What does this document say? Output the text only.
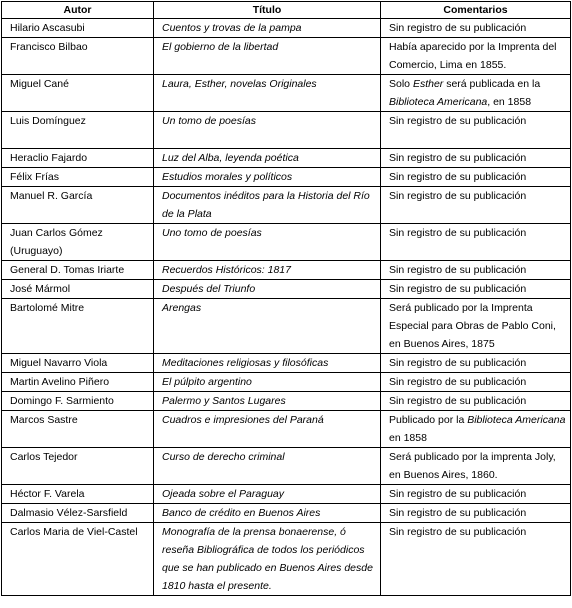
Autor	Título	Comentarios
Hilario Ascasubi	Cuentos y trovas de la pampa	Sin registro de su publicación
Francisco Bilbao	El gobierno de la libertad	Había aparecido por la Imprenta del Comercio, Lima en 1855.
Miguel Cané	Laura, Esther, novelas Originales	Solo Esther será publicada en la Biblioteca Americana, en 1858
Luis Domínguez	Un tomo de poesías	Sin registro de su publicación
Heraclio Fajardo	Luz del Alba, leyenda poética	Sin registro de su publicación
Félix Frías	Estudios morales y políticos	Sin registro de su publicación
Manuel R. García	Documentos inéditos para la Historia del Río de la Plata	Sin registro de su publicación
Juan Carlos Gómez (Uruguayo)	Uno tomo de poesías	Sin registro de su publicación
General D. Tomas Iriarte	Recuerdos Históricos: 1817	Sin registro de su publicación
José Mármol	Después del Triunfo	Sin registro de su publicación
Bartolomé Mitre	Arengas	Será publicado por la Imprenta Especial para Obras de Pablo Coni, en Buenos Aires, 1875
Miguel Navarro Viola	Meditaciones religiosas y filosóficas	Sin registro de su publicación
Martin Avelino Piñero	El púlpito argentino	Sin registro de su publicación
Domingo F. Sarmiento	Palermo y Santos Lugares	Sin registro de su publicación
Marcos Sastre	Cuadros e impresiones del Paraná	Publicado por la Biblioteca Americana en 1858
Carlos Tejedor	Curso de derecho criminal	Será publicado por la imprenta Joly, en Buenos Aires, 1860.
Héctor F. Varela	Ojeada sobre el Paraguay	Sin registro de su publicación
Dalmasio Vélez-Sarsfield	Banco de crédito en Buenos Aires	Sin registro de su publicación
Carlos Maria de Viel-Castel	Monografía de la prensa bonaerense, ó reseña Bibliográfica de todos los periódicos que se han publicado en Buenos Aires desde 1810 hasta el presente.	Sin registro de su publicación
